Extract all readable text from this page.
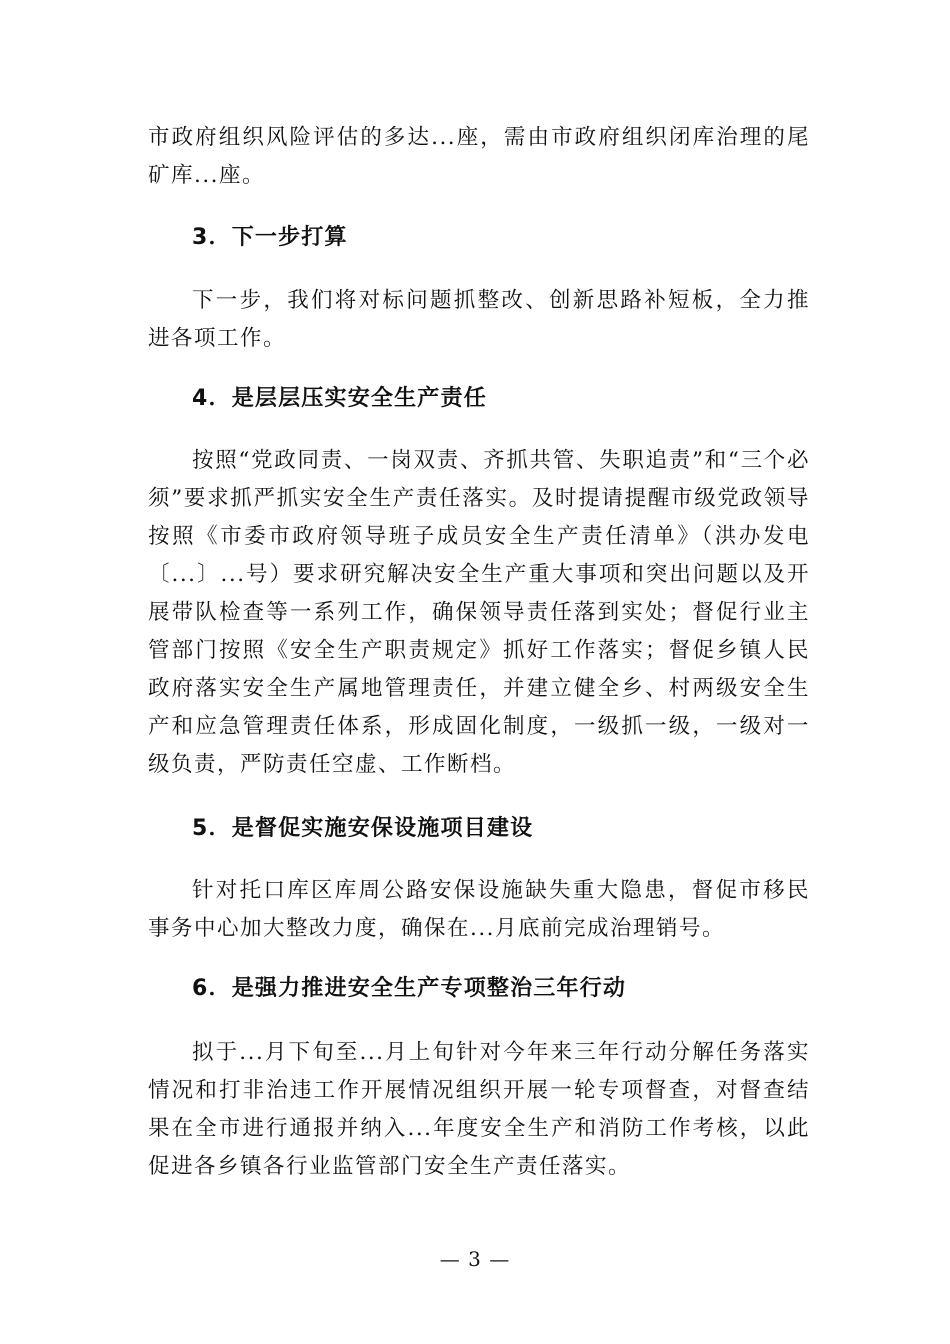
市政府组织风险评估的多达...座，需由市政府组织闭库治理的尾矿库...座。

3．下一步打算

下一步，我们将对标问题抓整改、创新思路补短板，全力推进各项工作。

4．是层层压实安全生产责任

按照“党政同责、一岗双责、齐抓共管、失职追责”和“三个必须”要求抓严抓实安全生产责任落实。及时提请提醒市级党政领导按照《市委市政府领导班子成员安全生产责任清单》（洪办发电〔...〕...号）要求研究解决安全生产重大事项和突出问题以及开展带队检查等一系列工作，确保领导责任落到实处；督促行业主管部门按照《安全生产职责规定》抓好工作落实；督促乡镇人民政府落实安全生产属地管理责任，并建立健全乡、村两级安全生产和应急管理责任体系，形成固化制度，一级抓一级，一级对一级负责，严防责任空虚、工作断档。

5．是督促实施安保设施项目建设

针对托口库区库周公路安保设施缺失重大隐患，督促市移民事务中心加大整改力度，确保在...月底前完成治理销号。

6．是强力推进安全生产专项整治三年行动

拟于...月下旬至...月上旬针对今年来三年行动分解任务落实情况和打非治违工作开展情况组织开展一轮专项督查，对督查结果在全市进行通报并纳入...年度安全生产和消防工作考核，以此促进各乡镇各行业监管部门安全生产责任落实。

— 3 —
